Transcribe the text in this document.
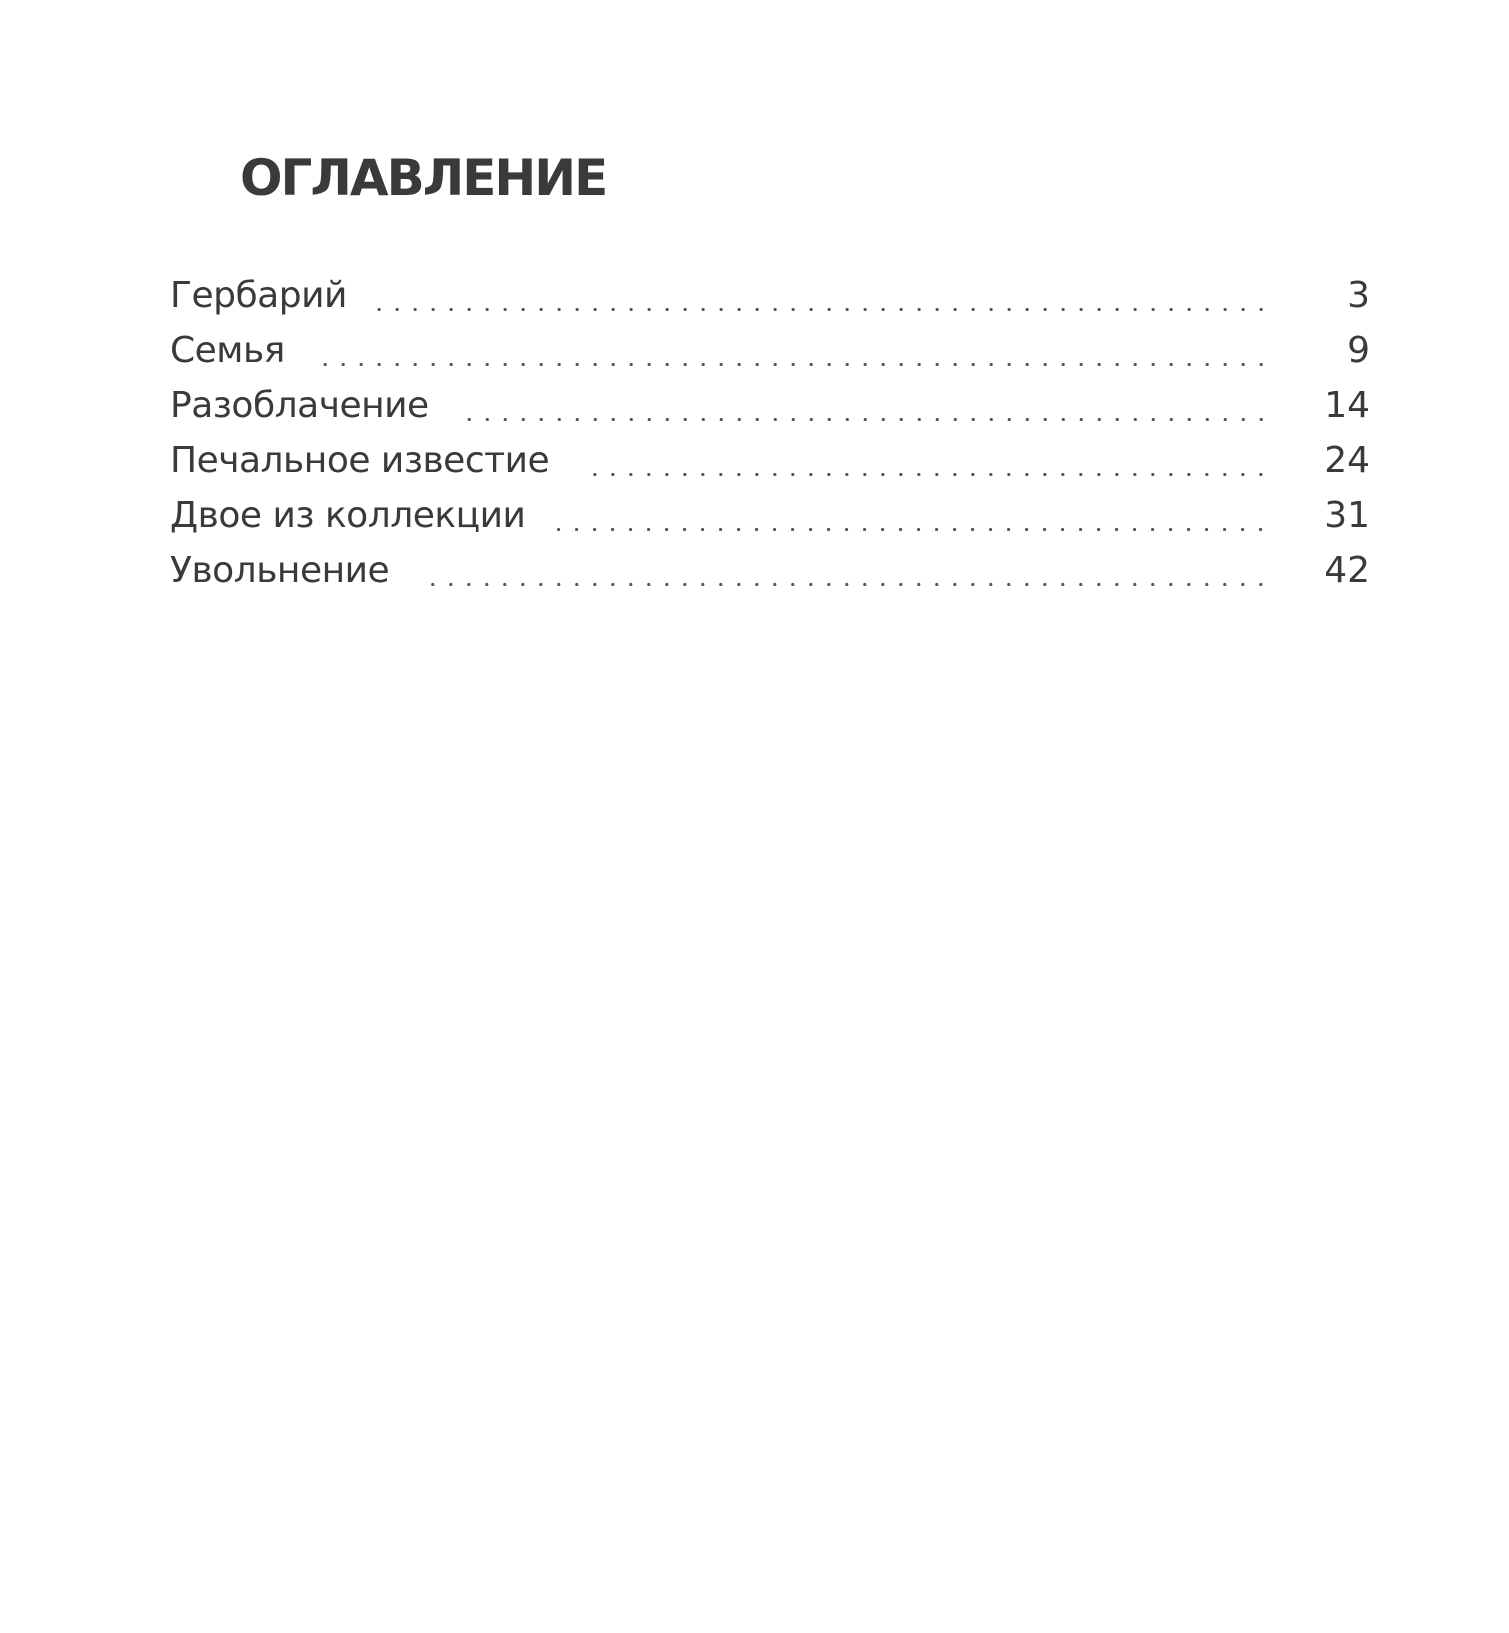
ОГЛАВЛЕНИЕ
Гербарий	3
Семья	9
Разоблачение	14
Печальное известие	24
Двое из коллекции	31
Увольнение	42
